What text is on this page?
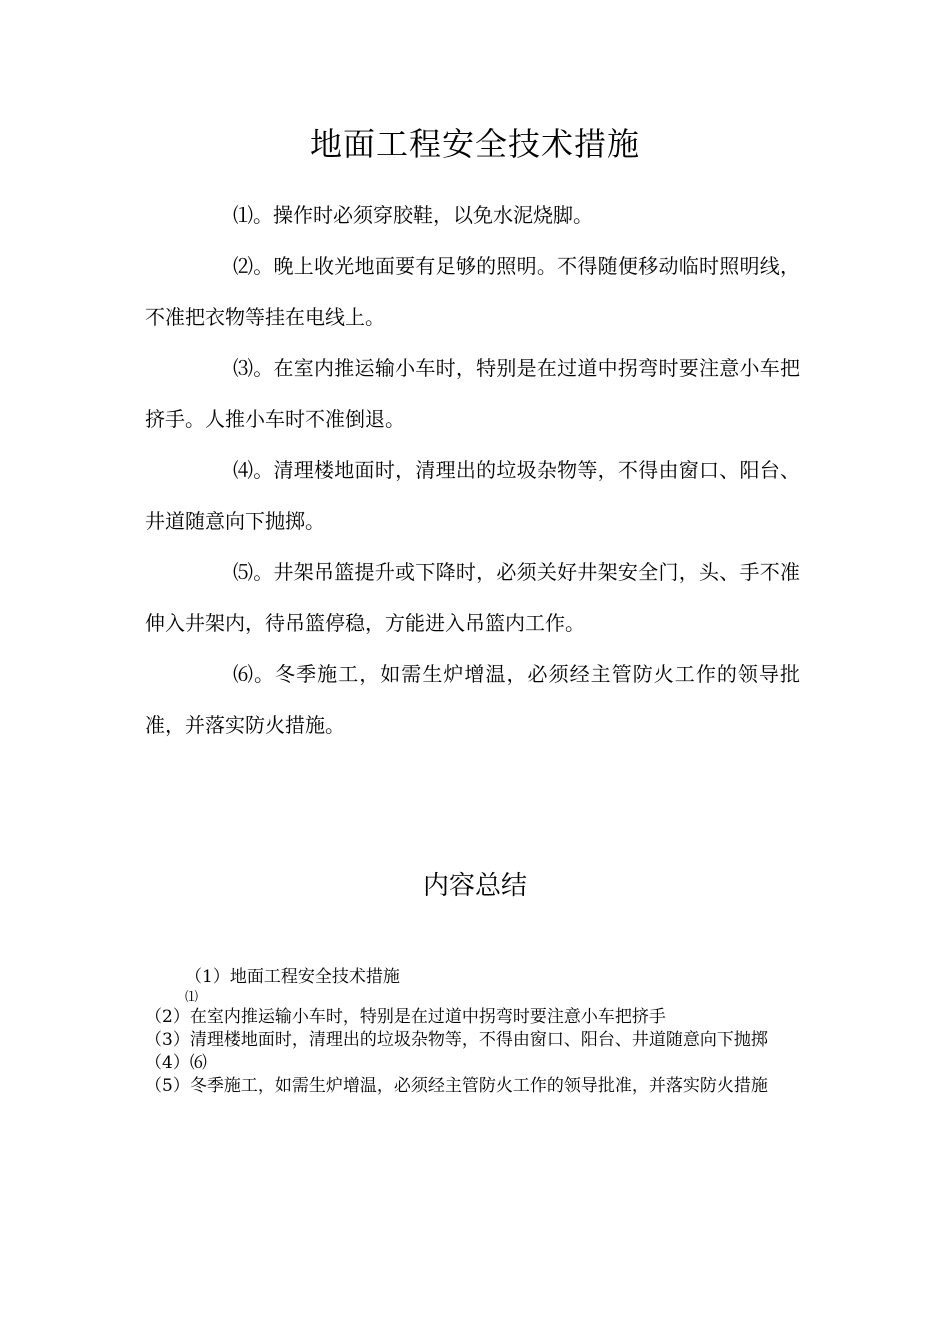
地面工程安全技术措施

⑴。操作时必须穿胶鞋，以免水泥烧脚。

⑵。晚上收光地面要有足够的照明。不得随便移动临时照明线，不准把衣物等挂在电线上。

⑶。在室内推运输小车时，特别是在过道中拐弯时要注意小车把挤手。人推小车时不准倒退。

⑷。清理楼地面时，清理出的垃圾杂物等，不得由窗口、阳台、井道随意向下抛掷。

⑸。井架吊篮提升或下降时，必须关好井架安全门，头、手不准伸入井架内，待吊篮停稳，方能进入吊篮内工作。

⑹。冬季施工，如需生炉增温，必须经主管防火工作的领导批准，并落实防火措施。

内容总结

（1）地面工程安全技术措施

⑴

（2）在室内推运输小车时，特别是在过道中拐弯时要注意小车把挤手

（3）清理楼地面时，清理出的垃圾杂物等，不得由窗口、阳台、井道随意向下抛掷

（4）⑹

（5）冬季施工，如需生炉增温，必须经主管防火工作的领导批准，并落实防火措施
